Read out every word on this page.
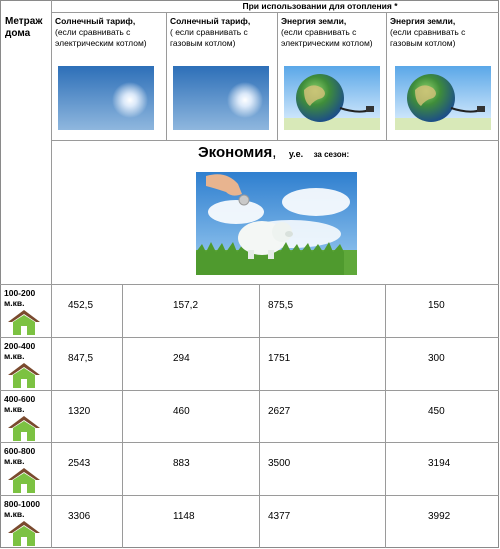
Метраж
дома
При использовании для отопления *
Солнечный тариф,
(если сравнивать с электрическим котлом)
Солнечный тариф,
( если сравнивать с газовым котлом)
Энергия земли,
(если сравнивать с электрическим котлом)
Энергия земли,
(если сравнивать с газовым котлом)
Экономия, у.е. за сезон:
100-200
м.кв.	452,5	157,2	875,5	150
200-400
м.кв.	847,5	294	1751	300
400-600
м.кв.	1320	460	2627	450
600-800
м.кв.	2543	883	3500	3194
800-1000
м.кв.	3306	1148	4377	3992
